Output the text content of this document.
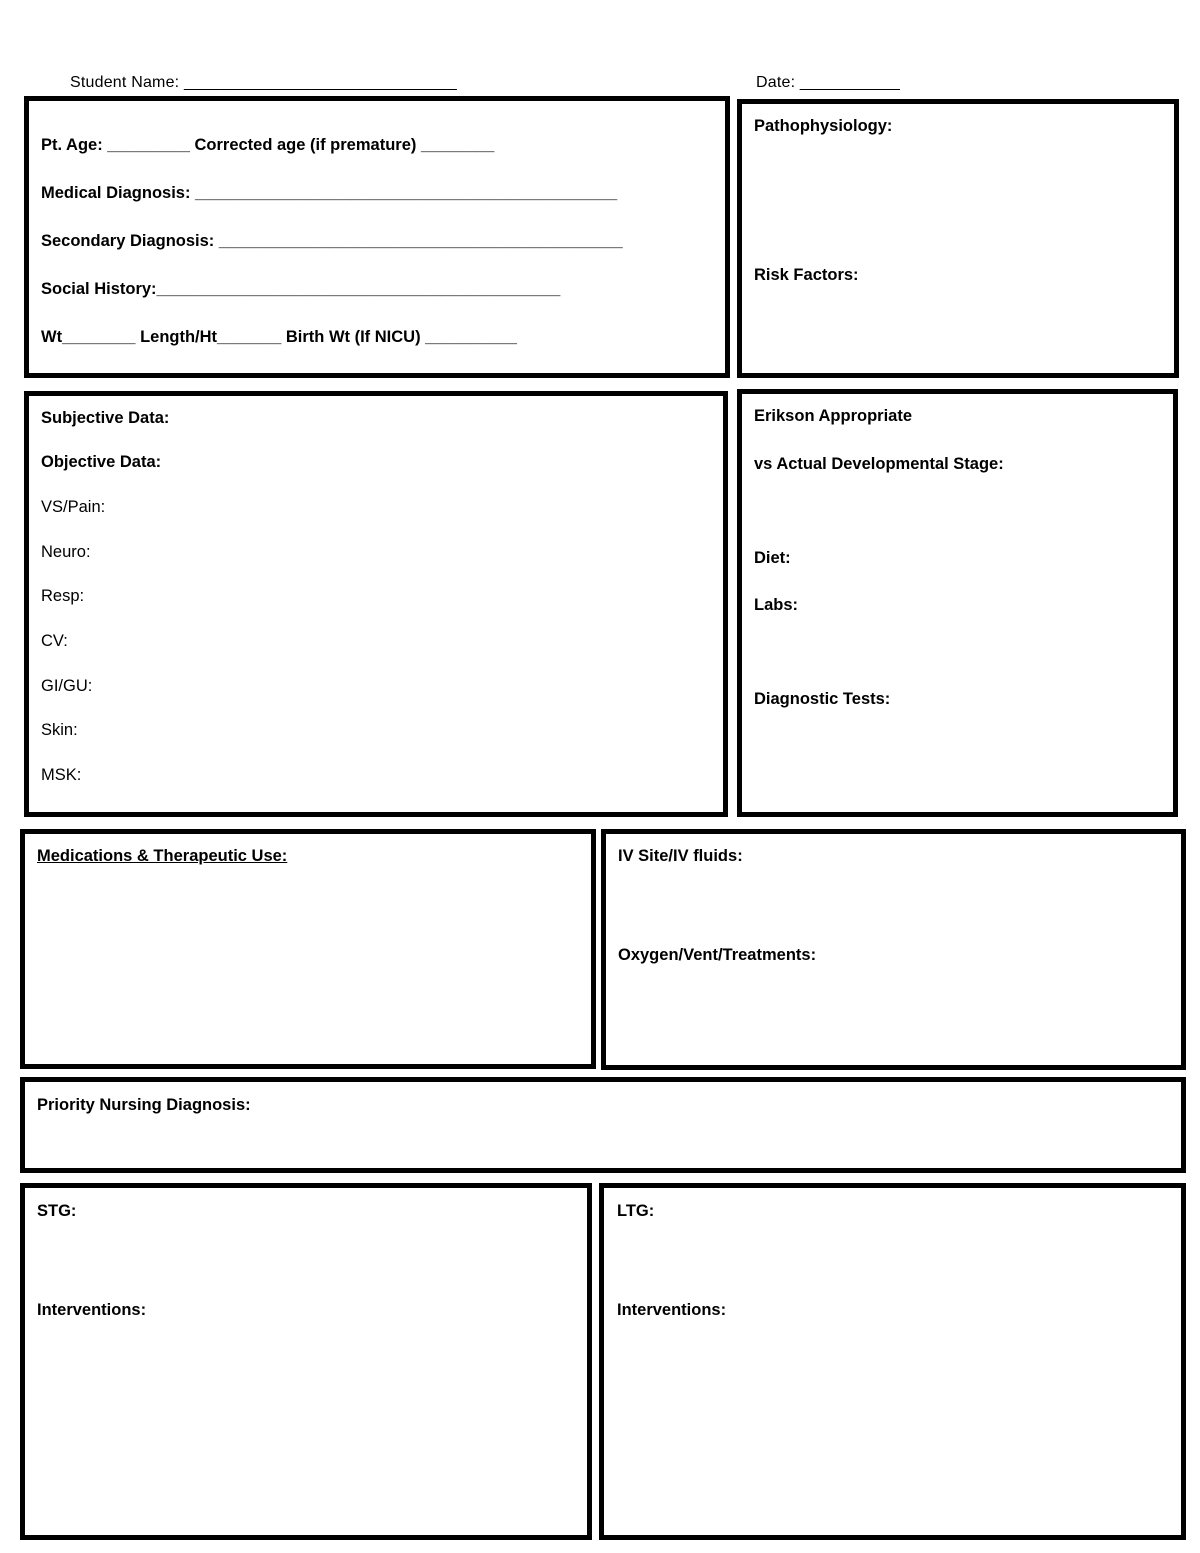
Student Name: ______________________________	Date: ___________
Pt. Age: _________ Corrected age (if premature) ________
Medical Diagnosis: ______________________________________________
Secondary Diagnosis: ____________________________________________
Social History:____________________________________________
Wt________ Length/Ht_______ Birth Wt (If NICU) __________
Pathophysiology:
Risk Factors:
Subjective Data:
Objective Data:
VS/Pain:
Neuro:
Resp:
CV:
GI/GU:
Skin:
MSK:
Erikson Appropriate
vs Actual Developmental Stage:
Diet:
Labs:
Diagnostic Tests:
Medications & Therapeutic Use:	IV Site/IV fluids:
Oxygen/Vent/Treatments:
Priority Nursing Diagnosis:
STG:
Interventions:
LTG:
Interventions:
